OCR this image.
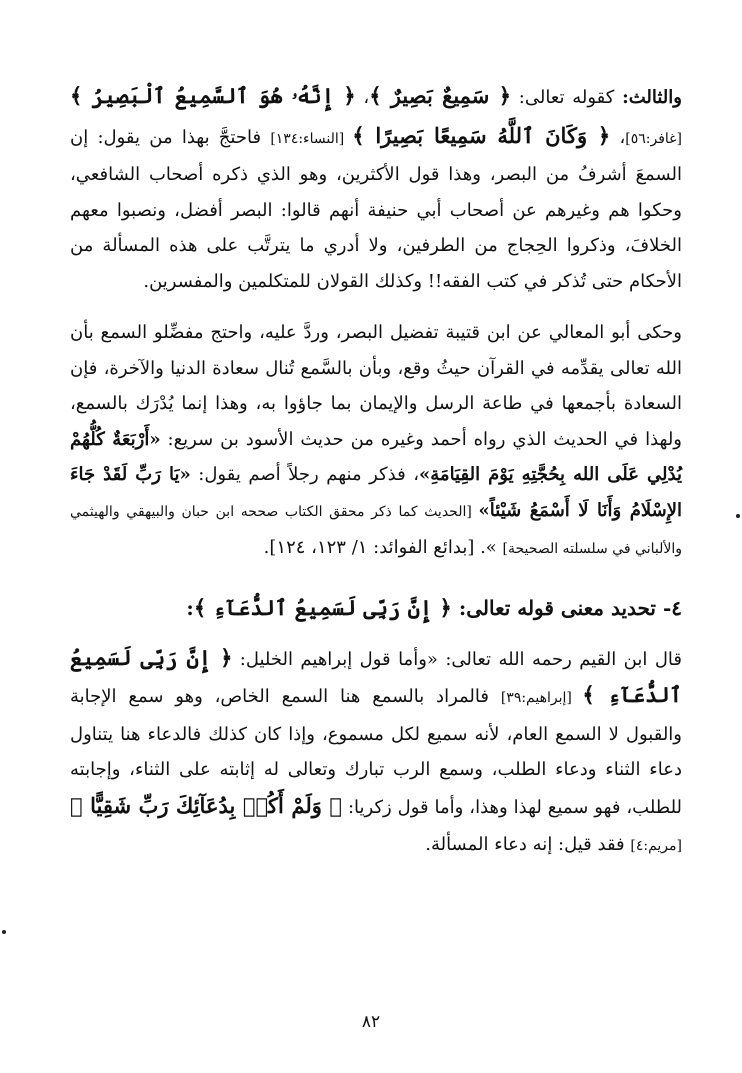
والثالث: كقوله تعالى: ﴿ سَمِيعٌ بَصِيرٌ ﴾، ﴿ إِنَّهُۥ هُوَ ٱلسَّمِيعُ ٱلْبَصِيرُ ﴾ [غافر:٥٦]، ﴿ وَكَانَ ٱللَّهُ سَمِيعًا بَصِيرًا ﴾ [النساء:١٣٤] فاحتجَّ بهذا من يقول: إن السمعَ أشرفُ من البصر، وهذا قول الأكثرين، وهو الذي ذكره أصحاب الشافعي، وحكوا هم وغيرهم عن أصحاب أبي حنيفة أنهم قالوا: البصر أفضل، ونصبوا معهم الخلافَ، وذكروا الحِجاج من الطرفين، ولا أدري ما يترتَّب على هذه المسألة من الأحكام حتى تُذكر في كتب الفقه!! وكذلك القولان للمتكلمين والمفسرين.

وحكى أبو المعالي عن ابن قتيبة تفضيل البصر، وردَّ عليه، واحتج مفضِّلو السمع بأن الله تعالى يقدِّمه في القرآن حيثُ وقع، وبأن بالسَّمع تُنال سعادة الدنيا والآخرة، فإن السعادة بأجمعها في طاعة الرسل والإيمان بما جاؤوا به، وهذا إنما يُدْرَك بالسمع، ولهذا في الحديث الذي رواه أحمد وغيره من حديث الأسود بن سريع: «أَرْبَعَةٌ كُلُّهُمْ يُدْلِي عَلَى الله بِحُجَّتِهِ يَوْمَ القِيَامَةِ»، فذكر منهم رجلاً أصم يقول: «يَا رَبِّ لَقَدْ جَاءَ الإِسْلَامُ وَأَنَا لَا أَسْمَعُ شَيْئاً» [الحديث كما ذكر محقق الكتاب صححه ابن حبان والبيهقي والهيثمي والألباني في سلسلته الصحيحة] ». [بدائع الفوائد: ١/ ١٢٣، ١٢٤].

٤- تحديد معنى قوله تعالى: ﴿ إِنَّ رَبِّى لَسَمِيعُ ٱلدُّعَآءِ ﴾:

قال ابن القيم رحمه الله تعالى: «وأما قول إبراهيم الخليل: ﴿ إِنَّ رَبِّى لَسَمِيعُ ٱلدُّعَآءِ ﴾ [إبراهيم:٣٩] فالمراد بالسمع هنا السمع الخاص، وهو سمع الإجابة والقبول لا السمع العام، لأنه سميع لكل مسموع، وإذا كان كذلك فالدعاء هنا يتناول دعاء الثناء ودعاء الطلب، وسمع الرب تبارك وتعالى له إثابته على الثناء، وإجابته للطلب، فهو سميع لهذا وهذا، وأما قول زكريا: ﴿ وَلَمْ أَكُنۢ بِدُعَآئِكَ رَبِّ شَقِيًّا ﴾ [مريم:٤] فقد قيل: إنه دعاء المسألة.

٨٢
